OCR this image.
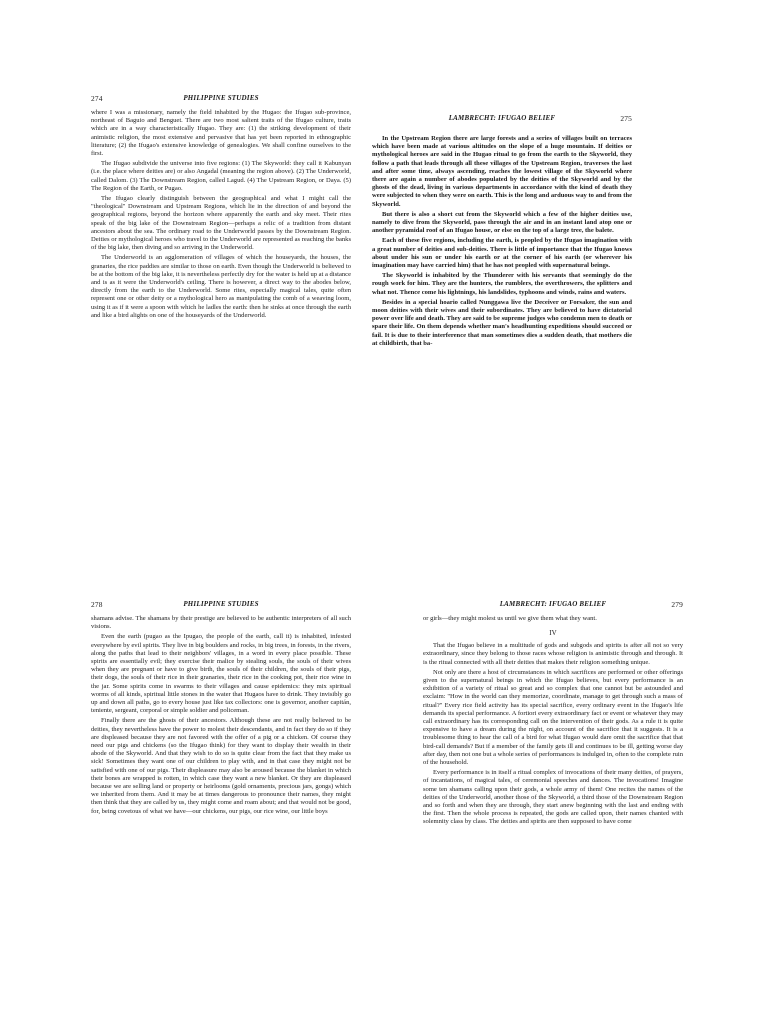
274	PHILIPPINE STUDIES

where I was a missionary, namely the field inhabited by the Hugao: the Ifugao sub-province, northeast of Baguio and Benguet. There are two most salient traits of the Ifugao culture, traits which are in a way characteristically Ifugao. They are: (1) the striking development of their animistic religion, the most extensive and pervasive that has yet been reported in ethnographic literature; (2) the Ifugao's extensive knowledge of genealogies. We shall confine ourselves to the first.

The Ifugao subdivide the universe into five regions: (1) The Skyworld: they call it Kabunyan (i.e. the place where deities are) or also Angadal (meaning the region above). (2) The Underworld, called Dalom. (3) The Downstream Region, called Lagud. (4) The Upstream Region, or Daya. (5) The Region of the Earth, or Pugao.

The Ifugao clearly distinguish between the geographical and what I might call the "theological" Downstream and Upstream Regions, which lie in the direction of and beyond the geographical regions, beyond the horizon where apparently the earth and sky meet. Their rites speak of the big lake of the Downstream Region—perhaps a relic of a tradition from distant ancestors about the sea. The ordinary road to the Underworld passes by the Downstream Region. Deities or mythological heroes who travel to the Underworld are represented as reaching the banks of the big lake, then diving and so arriving in the Underworld.

The Underworld is an agglomeration of villages of which the houseyards, the houses, the granaries, the rice paddies are similar to those on earth. Even though the Underworld is believed to be at the bottom of the big lake, it is nevertheless perfectly dry for the water is held up at a distance and is as it were the Underworld's ceiling. There is however, a direct way to the abodes below, directly from the earth to the Underworld. Some rites, especially magical tales, quite often represent one or other deity or a mythological hero as manipulating the comb of a weaving loom, using it as if it were a spoon with which he ladles the earth: then he sinks at once through the earth and like a bird alights on one of the houseyards of the Underworld.

275
LAMBRECHT: IFUGAO BELIEF

In the Upstream Region there are large forests and a series of villages built on terraces which have been made at various altitudes on the slope of a huge mountain. If deities or mythological heroes are said in the Hugao ritual to go from the earth to the Skyworld, they follow a path that leads through all these villages of the Upstream Region, traverses the last and after some time, always ascending, reaches the lowest village of the Skyworld where there are again a number of abodes populated by the deities of the Skyworld and by the ghosts of the dead, living in various departments in accordance with the kind of death they were subjected to when they were on earth. This is the long and arduous way to and from the Skyworld.

But there is also a short cut from the Skyworld which a few of the higher deities use, namely to dive from the Skyworld, pass through the air and in an instant land atop one or another pyramidal roof of an Ifugao house, or else on the top of a large tree, the balete.

Each of these five regions, including the earth, is peopled by the Ifugao imagination with a great number of deities and sub-deities. There is little of importance that the Ifugao knows about under his sun or under his earth or at the corner of his earth (or wherever his imagination may have carried him) that he has not peopled with supernatural beings.

The Skyworld is inhabited by the Thunderer with his servants that seemingly do the rough work for him. They are the hunters, the rumblers, the overthrowers, the splitters and what not. Thence come his lightnings, his landslides, typhoons and winds, rains and waters.

Besides in a special hoario called Nunggawa live the Deceiver or Forsaker, the sun and moon deities with their wives and their subordinates. They are believed to have dictatorial power over life and death. They are said to be supreme judges who condemn men to death or spare their life. On them depends whether man's headhunting expeditions should succeed or fail. It is due to their interference that man sometimes dies a sudden death, that mothers die at childbirth, that ba-

278	PHILIPPINE STUDIES

shamans advise. The shamans by their prestige are believed to be authentic interpreters of all such visions.

Even the earth (pugao as the Ipugao, the people of the earth, call it) is inhabited, infested everywhere by evil spirits. They live in big boulders and rocks, in big trees, in forests, in the rivers, along the paths that lead to their neighbors' villages, in a word in every place possible. These spirits are essentially evil; they exercise their malice by stealing souls, the souls of their wives when they are pregnant or have to give birth, the souls of their children, the souls of their pigs, their dogs, the souls of their rice in their granaries, their rice in the cooking pot, their rice wine in the jar. Some spirits come in swarms to their villages and cause epidemics: they mix spiritual worms of all kinds, spiritual little stones in the water that Hugaos have to drink. They invisibly go up and down all paths, go to every house just like tax collectors: one is governor, another capitán, teniente, sergeant, corporal or simple soldier and policeman.

Finally there are the ghosts of their ancestors. Although these are not really believed to be deities, they nevertheless have the power to molest their descendants, and in fact they do so if they are displeased because they are not favored with the offer of a pig or a chicken. Of course they need our pigs and chickens (so the Ifugao think) for they want to display their wealth in their abode of the Skyworld. And that they wish to do so is quite clear from the fact that they make us sick! Sometimes they want one of our children to play with, and in that case they might not be satisfied with one of our pigs. Their displeasure may also be aroused because the blanket in which their bones are wrapped is rotten, in which case they want a new blanket. Or they are displeased because we are selling land or property or heirlooms (gold ornaments, precious jars, gongs) which we inherited from them. And it may be at times dangerous to pronounce their names, they might then think that they are called by us, they might come and roam about; and that would not be good, for, being covetous of what we have—our chickens, our pigs, our rice wine, our little boys

279
LAMBRECHT: IFUGAO BELIEF

or girls—they might molest us until we give them what they want.

IV

That the Ifugao believe in a multitude of gods and subgods and spirits is after all not so very extraordinary, since they belong to those races whose religion is animistic through and through. It is the ritual connected with all their deities that makes their religion something unique.

Not only are there a host of circumstances in which sacrifices are performed or other offerings given to the supernatural beings in which the Ifugao believes, but every performance is an exhibition of a variety of ritual so great and so complex that one cannot but be astounded and exclaim: "How in the world can they memorize, coordinate, manage to get through such a mass of ritual?" Every rice field activity has its special sacrifice, every ordinary event in the Ifugao's life demands its special performance. A fortiori every extraordinary fact or event or whatever they may call extraordinary has its corresponding call on the intervention of their gods. As a rule it is quite expensive to have a dream during the night, on account of the sacrifice that it suggests. It is a troublesome thing to hear the call of a bird for what Ifugao would dare omit the sacrifice that that bird-call demands? But if a member of the family gets ill and continues to be ill, getting worse day after day, then not one but a whole series of performances is indulged in, often to the complete ruin of the household.

Every performance is in itself a ritual complex of invocations of their many deities, of prayers, of incantations, of magical tales, of ceremonial speeches and dances. The invocations! Imagine some ten shamans calling upon their gods, a whole army of them! One recites the names of the deities of the Underworld, another those of the Skyworld, a third those of the Downstream Region and so forth and when they are through, they start anew beginning with the last and ending with the first. Then the whole process is repeated, the gods are called upon, their names chanted with solemnity class by class. The deities and spirits are then supposed to have come
